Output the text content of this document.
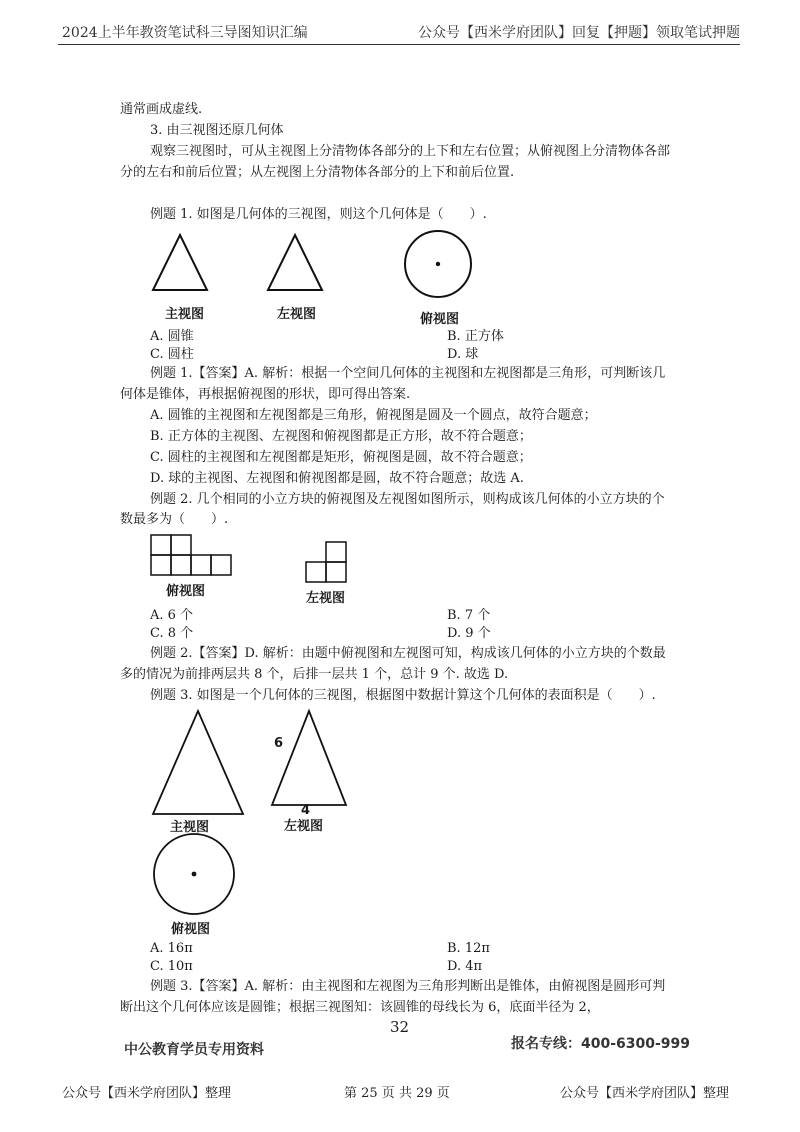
2024上半年教资笔试科三导图知识汇编	公众号【西米学府团队】回复【押题】领取笔试押题
通常画成虚线.
3. 由三视图还原几何体
观察三视图时，可从主视图上分清物体各部分的上下和左右位置；从俯视图上分清物体各部
分的左右和前后位置；从左视图上分清物体各部分的上下和前后位置.
例题 1. 如图是几何体的三视图，则这个几何体是（　　）.
主视图	左视图	俯视图
A. 圆锥	B. 正方体
C. 圆柱	D. 球
例题 1.【答案】A. 解析：根据一个空间几何体的主视图和左视图都是三角形，可判断该几
何体是锥体，再根据俯视图的形状，即可得出答案.
A. 圆锥的主视图和左视图都是三角形，俯视图是圆及一个圆点，故符合题意；
B. 正方体的主视图、左视图和俯视图都是正方形，故不符合题意；
C. 圆柱的主视图和左视图都是矩形，俯视图是圆，故不符合题意；
D. 球的主视图、左视图和俯视图都是圆，故不符合题意；故选 A.
例题 2. 几个相同的小立方块的俯视图及左视图如图所示，则构成该几何体的小立方块的个
数最多为（　　）.
俯视图	左视图
A. 6 个	B. 7 个
C. 8 个	D. 9 个
例题 2.【答案】D. 解析：由题中俯视图和左视图可知，构成该几何体的小立方块的个数最
多的情况为前排两层共 8 个，后排一层共 1 个，总计 9 个. 故选 D.
例题 3. 如图是一个几何体的三视图，根据图中数据计算这个几何体的表面积是（　　）.
6
4
主视图	左视图
俯视图
A. 16π	B. 12π
C. 10π	D. 4π
例题 3.【答案】A. 解析：由主视图和左视图为三角形判断出是锥体，由俯视图是圆形可判
断出这个几何体应该是圆锥；根据三视图知：该圆锥的母线长为 6，底面半径为 2，
32
中公教育学员专用资料	报名专线：400-6300-999
公众号【西米学府团队】整理	第 25 页 共 29 页	公众号【西米学府团队】整理
